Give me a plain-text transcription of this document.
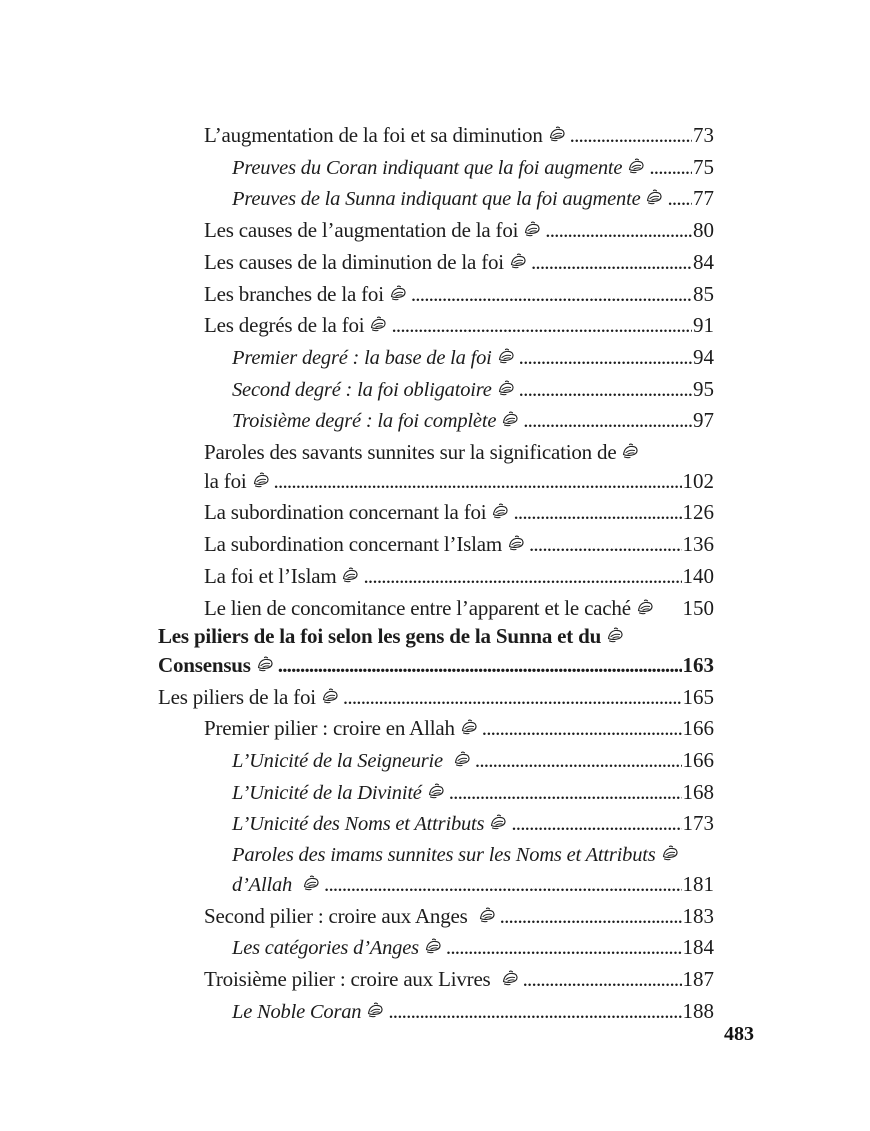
L’augmentation de la foi et sa diminution .....	73
Preuves du Coran indiquant que la foi augmente .....	75
Preuves de la Sunna indiquant que la foi augmente .....	77
Les causes de l’augmentation de la foi .....	80
Les causes de la diminution de la foi .....	84
Les branches de la foi .....	85
Les degrés de la foi .....	91
Premier degré : la base de la foi .....	94
Second degré : la foi obligatoire .....	95
Troisième degré : la foi complète .....	97
Paroles des savants sunnites sur la signification de
la foi .....	102
La subordination concernant la foi .....	126
La subordination concernant l’Islam .....	136
La foi et l’Islam .....	140
Le lien de concomitance entre l’apparent et le caché 150
Les piliers de la foi selon les gens de la Sunna et du
Consensus .....	163
Les piliers de la foi .....	165
Premier pilier : croire en Allah .....	166
L’Unicité de la Seigneurie .....	166
L’Unicité de la Divinité .....	168
L’Unicité des Noms et Attributs .....	173
Paroles des imams sunnites sur les Noms et Attributs
d’Allah .....	181
Second pilier : croire aux Anges .....	183
Les catégories d’Anges .....	184
Troisième pilier : croire aux Livres .....	187
Le Noble Coran .....	188
483
